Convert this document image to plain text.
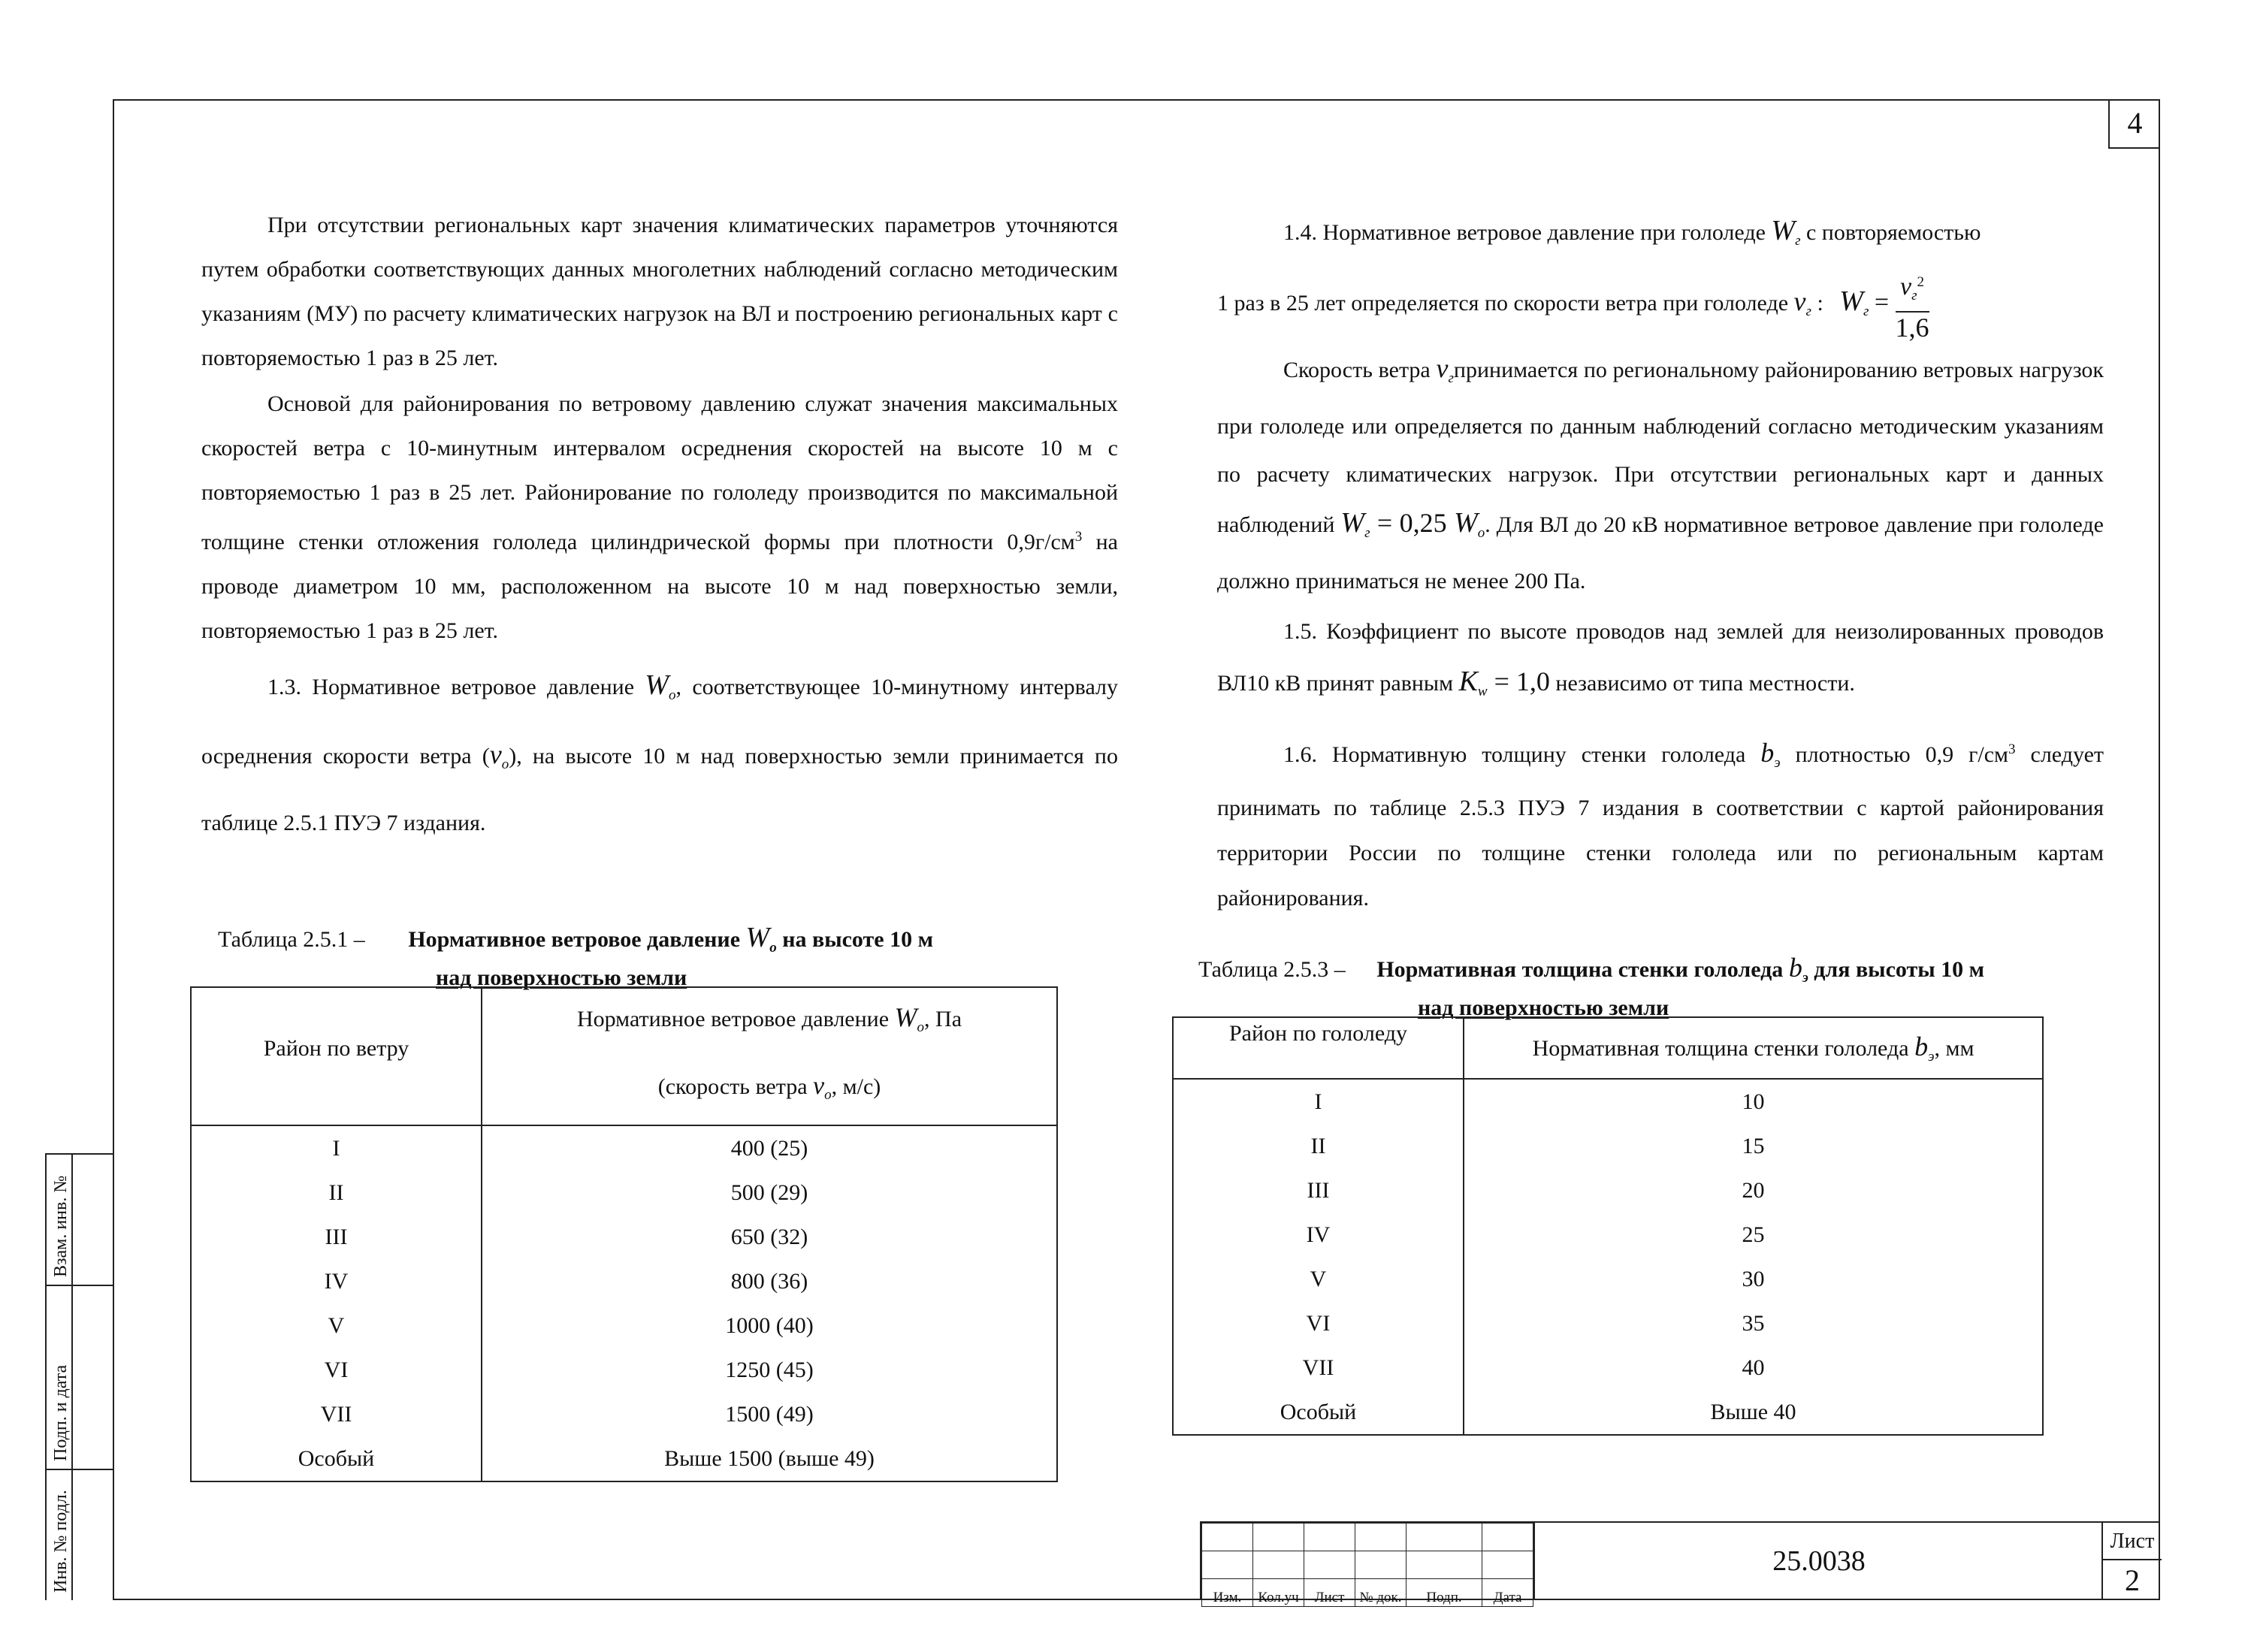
4
Инв. № подл.
Подп. и дата
Взам. инв. №

При отсутствии региональных карт значения климатических параметров уточняются путем обработки соответствующих данных многолетних наблюдений согласно методическим указаниям (МУ) по расчету климатических нагрузок на ВЛ и построению региональных карт с повторяемостью 1 раз в 25 лет.

Основой для районирования по ветровому давлению служат значения максимальных скоростей ветра с 10-минутным интервалом осреднения скоростей на высоте 10 м с повторяемостью 1 раз в 25 лет. Районирование по гололеду производится по максимальной толщине стенки отложения гололеда цилиндрической формы при плотности $0,9г/см^3$ на проводе диаметром 10 мм, расположенном на высоте 10 м над поверхностью земли, повторяемостью 1 раз в 25 лет.

1.3. Нормативное ветровое давление $W_o$, соответствующее 10-минутному интервалу осреднения скорости ветра $(v_o)$, на высоте 10 м над поверхностью земли принимается по таблице 2.5.1 ПУЭ 7 издания.

Таблица 2.5.1 – Нормативное ветровое давление $W_o$ на высоте 10 м
над поверхностью земли
Район по ветру	Нормативное ветровое давление $W_o$, Па
(скорость ветра $v_o$, м/с)
I	400 (25)
II	500 (29)
III	650 (32)
IV	800 (36)
V	1000 (40)
VI	1250 (45)
VII	1500 (49)
Особый	Выше 1500 (выше 49)

1.4. Нормативное ветровое давление при гололеде $W_г$ с повторяемостью

1 раз в 25 лет определяется по скорости ветра при гололеде $v_г$ : $W_г$ =
$v_г^2$
1,6

Скорость ветра $v_гпринимается$ по региональному районированию ветровых нагрузок при гололеде или определяется по данным наблюдений согласно методическим указаниям по расчету климатических нагрузок. При отсутствии региональных карт и данных наблюдений $W_г = 0,25$ $W_o$. Для ВЛ до 20 кВ нормативное ветровое давление при гололеде должно приниматься не менее 200 Па.

1.5. Коэффициент по высоте проводов над землей для неизолированных проводов ВЛ10 кВ принят равным $K_w = 1,0$ независимо от типа местности.

1.6. Нормативную толщину стенки гололеда $b_э$ плотностью 0,9 $г/см^3$ следует принимать по таблице 2.5.3 ПУЭ 7 издания в соответствии с картой районирования территории России по толщине стенки гололеда или по региональным картам районирования.

Таблица 2.5.3 – Нормативная толщина стенки гололеда $b_э$ для высоты 10 м
над поверхностью земли
Район по гололеду	Нормативная толщина стенки гололеда $b_э$, мм
I	10
II	15
III	20
IV	25
V	30
VI	35
VII	40
Особый	Выше 40

Изм.	Кол.уч	Лист	№ док.	Подп.	Дата
25.0038
Лист
2
